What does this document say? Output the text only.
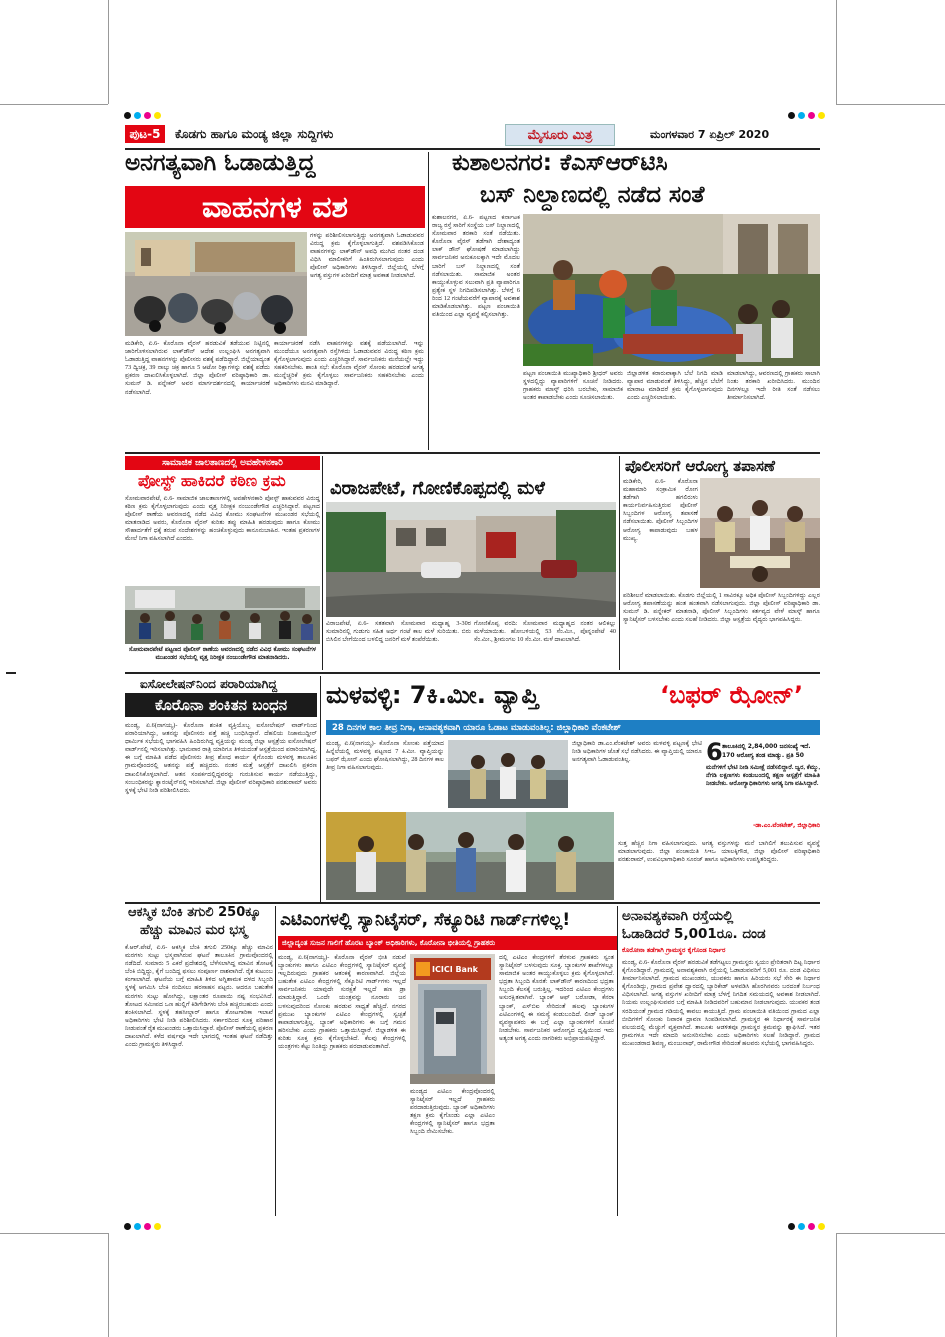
ಪುಟ-5	ಕೊಡಗು ಹಾಗೂ ಮಂಡ್ಯ ಜಿಲ್ಲಾ ಸುದ್ದಿಗಳು	ಮೈಸೂರು ಮಿತ್ರ	ಮಂಗಳವಾರ 7 ಏಪ್ರಿಲ್ 2020
ಅನಗತ್ಯವಾಗಿ ಓಡಾಡುತ್ತಿದ್ದ
ವಾಹನಗಳ ವಶ
ಗಳನ್ನು ಪರಿಶೀಲಿಸಲಾಗುತ್ತಿದ್ದು ಅನಗತ್ಯವಾಗಿ ಓಡಾಡುವವರ ವಿರುದ್ಧ ಕ್ರಮ ಕೈಗೊಳ್ಳಲಾಗುತ್ತಿದೆ. ವಶಪಡಿಸಿಕೊಂಡ ವಾಹನಗಳನ್ನು ಲಾಕ್‌ಡೌನ್ ಅವಧಿ ಮುಗಿದ ನಂತರ ದಂಡ ವಿಧಿಸಿ ಮಾಲೀಕರಿಗೆ ಹಿಂತಿರುಗಿಸಲಾಗುವುದು ಎಂದು ಪೊಲೀಸ್ ಅಧಿಕಾರಿಗಳು ತಿಳಿಸಿದ್ದಾರೆ. ಜಿಲ್ಲೆಯಲ್ಲಿ ಬೆಳಗ್ಗೆ ಅಗತ್ಯ ವಸ್ತುಗಳ ಖರೀದಿಗೆ ಮಾತ್ರ ಅವಕಾಶ ನೀಡಲಾಗಿದೆ.
ಮಡಿಕೇರಿ, ಏ.6- ಕೊರೊನಾ ವೈರಸ್ ಹರಡುವಿಕೆ ತಡೆಯುವ ನಿಟ್ಟಿನಲ್ಲಿ ಜಾರಿಗೊಳಿಸಲಾಗಿರುವ ಲಾಕ್‌ಡೌನ್ ಆದೇಶ ಉಲ್ಲಂಘಿಸಿ ಅನಗತ್ಯವಾಗಿ ಓಡಾಡುತ್ತಿದ್ದ ವಾಹನಗಳನ್ನು ಪೊಲೀಸರು ವಶಕ್ಕೆ ಪಡೆದಿದ್ದಾರೆ. ಜಿಲ್ಲೆಯಾದ್ಯಂತ 73 ದ್ವಿಚಕ್ರ, 39 ನಾಲ್ಕು ಚಕ್ರ ಹಾಗೂ 5 ಆಟೋ ರಿಕ್ಷಾಗಳನ್ನು ವಶಕ್ಕೆ ಪಡೆದು ಪ್ರಕರಣ ದಾಖಲಿಸಿಕೊಳ್ಳಲಾಗಿದೆ. ಜಿಲ್ಲಾ ಪೊಲೀಸ್ ವರಿಷ್ಠಾಧಿಕಾರಿ ಡಾ. ಸುಮನ್ ಡಿ. ಪನ್ನೇಕರ್ ಅವರ ಮಾರ್ಗದರ್ಶನದಲ್ಲಿ ಕಾರ್ಯಾಚರಣೆ ನಡೆಸಲಾಗಿದೆ.
ಕಾರ್ಯಾಚರಣೆ ನಡೆಸಿ ವಾಹನಗಳನ್ನು ವಶಕ್ಕೆ ಪಡೆಯಲಾಗಿದೆ. ಇನ್ನು ಮುಂದೆಯೂ ಅನಗತ್ಯವಾಗಿ ರಸ್ತೆಗಿಳಿದು ಓಡಾಡುವವರ ವಿರುದ್ಧ ಕಠಿಣ ಕ್ರಮ ಕೈಗೊಳ್ಳಲಾಗುವುದು ಎಂದು ಎಚ್ಚರಿಸಿದ್ದಾರೆ. ಸಾರ್ವಜನಿಕರು ಮನೆಯಲ್ಲೇ ಇದ್ದು ಸಹಕರಿಸಬೇಕು. ಶಾಂತಿ ಸಭೆ: ಕೊರೊನಾ ವೈರಸ್ ಸೋಂಕು ಹರಡದಂತೆ ಅಗತ್ಯ ಮುನ್ನೆಚ್ಚರಿಕೆ ಕ್ರಮ ಕೈಗೊಳ್ಳಲು ಸಾರ್ವಜನಿಕರು ಸಹಕರಿಸಬೇಕು ಎಂದು ಅಧಿಕಾರಿಗಳು ಮನವಿ ಮಾಡಿದ್ದಾರೆ.
ಕುಶಾಲನಗರ: ಕೆಎಸ್‌ಆರ್‌ಟಿಸಿ
ಬಸ್ ನಿಲ್ದಾಣದಲ್ಲಿ ನಡೆದ ಸಂತೆ
ಕುಶಾಲನಗರ, ಏ.6- ಪಟ್ಟಣದ ಕರ್ನಾಟಕ ರಾಜ್ಯ ರಸ್ತೆ ಸಾರಿಗೆ ಸಂಸ್ಥೆಯ ಬಸ್ ನಿಲ್ದಾಣದಲ್ಲಿ ಸೋಮವಾರ ತರಕಾರಿ ಸಂತೆ ನಡೆಯಿತು. ಕೊರೊನಾ ವೈರಸ್ ತಡೆಗಾಗಿ ದೇಶಾದ್ಯಂತ ಲಾಕ್ ಡೌನ್ ಘೋಷಣೆ ಮಾಡಲಾಗಿದ್ದು ಸಾರ್ವಜನಿಕರ ಅನುಕೂಲಕ್ಕಾಗಿ ಇದೇ ಮೊದಲ ಬಾರಿಗೆ ಬಸ್ ನಿಲ್ದಾಣದಲ್ಲಿ ಸಂತೆ ನಡೆಸಲಾಯಿತು. ಸಾಮಾಜಿಕ ಅಂತರ ಕಾಯ್ದುಕೊಳ್ಳುವ ಸಲುವಾಗಿ ಪ್ರತಿ ವ್ಯಾಪಾರಿಗೂ ಪ್ರತ್ಯೇಕ ಸ್ಥಳ ನಿಗದಿಪಡಿಸಲಾಗಿತ್ತು. ಬೆಳಗ್ಗೆ 6 ರಿಂದ 12 ಗಂಟೆಯವರೆಗೆ ವ್ಯಾಪಾರಕ್ಕೆ ಅವಕಾಶ ಮಾಡಿಕೊಡಲಾಗಿತ್ತು. ಪಟ್ಟಣ ಪಂಚಾಯಿತಿ ವತಿಯಿಂದ ಎಲ್ಲಾ ವ್ಯವಸ್ಥೆ ಕಲ್ಪಿಸಲಾಗಿತ್ತು.
ಪಟ್ಟಣ ಪಂಚಾಯಿತಿ ಮುಖ್ಯಾಧಿಕಾರಿ ಶ್ರೀಧರ್ ಅವರು ಸ್ಥಳದಲ್ಲಿದ್ದು ವ್ಯಾಪಾರಿಗಳಿಗೆ ಸೂಚನೆ ನೀಡಿದರು. ಗ್ರಾಹಕರು ಮಾಸ್ಕ್ ಧರಿಸಿ ಬರಬೇಕು, ಸಾಮಾಜಿಕ ಅಂತರ ಕಾಪಾಡಬೇಕು ಎಂದು ಸೂಚಿಸಲಾಯಿತು.
ಜಿಲ್ಲಾಡಳಿತ ಕರಾರುವಾಕ್ಕಾಗಿ ಬೆಲೆ ನಿಗದಿ ಮಾಡಿ ವ್ಯಾಪಾರ ಮಾಡುವಂತೆ ತಿಳಿಸಿದ್ದು, ಹೆಚ್ಚಿನ ಬೆಲೆಗೆ ಮಾರಾಟ ಮಾಡಿದರೆ ಕ್ರಮ ಕೈಗೊಳ್ಳಲಾಗುವುದು ಎಂದು ಎಚ್ಚರಿಸಲಾಯಿತು.
ಮಾಡಲಾಗಿದ್ದು, ಆವರಣದಲ್ಲಿ ಗ್ರಾಹಕರು ಸಾಲಾಗಿ ನಿಂತು ತರಕಾರಿ ಖರೀದಿಸಿದರು. ಮುಂದಿನ ದಿನಗಳಲ್ಲೂ ಇದೇ ರೀತಿ ಸಂತೆ ನಡೆಸಲು ತೀರ್ಮಾನಿಸಲಾಗಿದೆ.
ಸಾಮಾಜಿಕ ಜಾಲತಾಣದಲ್ಲಿ ಅವಹೇಳನಕಾರಿ
ಪೋಸ್ಟ್ ಹಾಕಿದರೆ ಕಠಿಣ ಕ್ರಮ
ಸೋಮವಾರಪೇಟೆ, ಏ.6- ಸಾಮಾಜಿಕ ಜಾಲತಾಣಗಳಲ್ಲಿ ಅವಹೇಳನಕಾರಿ ಪೋಸ್ಟ್ ಹಾಕುವವರ ವಿರುದ್ಧ ಕಠಿಣ ಕ್ರಮ ಕೈಗೊಳ್ಳಲಾಗುವುದು ಎಂದು ವೃತ್ತ ನಿರೀಕ್ಷಕ ನಂಜುಂಡೇಗೌಡ ಎಚ್ಚರಿಸಿದ್ದಾರೆ. ಪಟ್ಟಣದ ಪೊಲೀಸ್ ಠಾಣೆಯ ಆವರಣದಲ್ಲಿ ನಡೆದ ವಿವಿಧ ಕೋಮು ಸಂಘಟನೆಗಳ ಮುಖಂಡರ ಸಭೆಯಲ್ಲಿ ಮಾತನಾಡಿದ ಅವರು, ಕೊರೊನಾ ವೈರಸ್ ಕುರಿತು ತಪ್ಪು ಮಾಹಿತಿ ಹರಡುವುದು ಹಾಗೂ ಕೋಮು ಸೌಹಾರ್ದತೆಗೆ ಧಕ್ಕೆ ತರುವ ಸಂದೇಶಗಳನ್ನು ಹಂಚಿಕೊಳ್ಳುವುದು ಕಾನೂನುಬಾಹಿರ. ಇಂತಹ ಪ್ರಕರಣಗಳ ಮೇಲೆ ನಿಗಾ ವಹಿಸಲಾಗಿದೆ ಎಂದರು.
ಸೋಮವಾರಪೇಟೆ ಪಟ್ಟಣದ ಪೊಲೀಸ್ ಠಾಣೆಯ ಆವರಣದಲ್ಲಿ ನಡೆದ ವಿವಿಧ ಕೋಮು ಸಂಘಟನೆಗಳ ಮುಖಂಡರ ಸಭೆಯಲ್ಲಿ ವೃತ್ತ ನಿರೀಕ್ಷಕ ನಂಜುಂಡೇಗೌಡ ಮಾತನಾಡಿದರು.
ವಿರಾಜಪೇಟೆ, ಗೋಣಿಕೊಪ್ಪದಲ್ಲಿ ಮಳೆ
ವಿರಾಜಪೇಟೆ, ಏ.6- ಸತತವಾಗಿ ಸೋಮವಾರ ಮಧ್ಯಾಹ್ನ 3-30ರ ಸುಮಾರಿನಲ್ಲಿ ಗುಡುಗು ಸಹಿತ ಅರ್ಧ ಗಂಟೆ ಕಾಲ ಮಳೆ ಸುರಿಯಿತು. ಬಿರು ಬಿಸಿಲಿನ ಬೇಗೆಯಿಂದ ಬಳಲಿದ್ದ ಜನರಿಗೆ ಮಳೆ ತಂಪೆರೆಯಿತು.
ಗೋಣಿಕೊಪ್ಪ ವರದಿ: ಸೋಮವಾರ ಮಧ್ಯಾಹ್ನದ ನಂತರ ಆಲಿಕಲ್ಲು ಮಳೆಯಾಯಿತು. ಹೋಬಳಿಯಲ್ಲಿ 53 ಸೆಂ.ಮೀ., ಪೊನ್ನಂಪೇಟೆ 40 ಸೆಂ.ಮೀ., ಶ್ರೀಮಂಗಲ 10 ಸೆಂ.ಮೀ. ಮಳೆ ದಾಖಲಾಗಿದೆ.
ಪೊಲೀಸರಿಗೆ ಆರೋಗ್ಯ ತಪಾಸಣೆ
ಮಡಿಕೇರಿ, ಏ.6- ಕೊರೊನಾ ಮಹಾಮಾರಿ ಸಂಕ್ರಾಮಿಕ ರೋಗ ತಡೆಗಾಗಿ ಹಗಲಿರುಳು ಕಾರ್ಯನಿರ್ವಹಿಸುತ್ತಿರುವ ಪೊಲೀಸ್ ಸಿಬ್ಬಂದಿಗಳ ಆರೋಗ್ಯ ತಪಾಸಣೆ ನಡೆಸಲಾಯಿತು. ಪೊಲೀಸ್ ಸಿಬ್ಬಂದಿಗಳ ಆರೋಗ್ಯ ಕಾಪಾಡುವುದು ಬಹಳ ಮುಖ್ಯ.
ಪರಿಶೀಲನೆ ಮಾಡಲಾಯಿತು. ಕೊಡಗು ಜಿಲ್ಲೆಯಲ್ಲಿ 1 ಸಾವಿರಕ್ಕೂ ಅಧಿಕ ಪೊಲೀಸ್ ಸಿಬ್ಬಂದಿಗಳಿದ್ದು ಎಲ್ಲರ ಆರೋಗ್ಯ ತಪಾಸಣೆಯನ್ನು ಹಂತ ಹಂತವಾಗಿ ನಡೆಸಲಾಗುವುದು. ಜಿಲ್ಲಾ ಪೊಲೀಸ್ ವರಿಷ್ಠಾಧಿಕಾರಿ ಡಾ. ಸುಮನ್ ಡಿ. ಪನ್ನೇಕರ್ ಮಾತನಾಡಿ, ಪೊಲೀಸ್ ಸಿಬ್ಬಂದಿಗಳು ಕರ್ತವ್ಯದ ವೇಳೆ ಮಾಸ್ಕ್ ಹಾಗೂ ಸ್ಯಾನಿಟೈಸರ್ ಬಳಸಬೇಕು ಎಂದು ಸಲಹೆ ನೀಡಿದರು. ಜಿಲ್ಲಾ ಆಸ್ಪತ್ರೆಯ ವೈದ್ಯರು ಭಾಗವಹಿಸಿದ್ದರು.
ಐಸೋಲೇಷನ್‌ನಿಂದ ಪರಾರಿಯಾಗಿದ್ದ
ಕೊರೊನಾ ಶಂಕಿತನ ಬಂಧನ
ಮಂಡ್ಯ, ಏ.6(ನಾಗಯ್ಯ)- ಕೊರೊನಾ ಶಂಕಿತ ವ್ಯಕ್ತಿಯೊಬ್ಬ ಐಸೋಲೇಷನ್ ವಾರ್ಡ್‌ನಿಂದ ಪರಾರಿಯಾಗಿದ್ದು, ಆತನನ್ನು ಪೊಲೀಸರು ಪತ್ತೆ ಹಚ್ಚಿ ಬಂಧಿಸಿದ್ದಾರೆ. ದೆಹಲಿಯ ನಿಜಾಮುದ್ದೀನ್ ಧಾರ್ಮಿಕ ಸಭೆಯಲ್ಲಿ ಭಾಗವಹಿಸಿ ಹಿಂದಿರುಗಿದ್ದ ವ್ಯಕ್ತಿಯನ್ನು ಮಂಡ್ಯ ಜಿಲ್ಲಾ ಆಸ್ಪತ್ರೆಯ ಐಸೋಲೇಷನ್ ವಾರ್ಡ್‌ನಲ್ಲಿ ಇರಿಸಲಾಗಿತ್ತು. ಭಾನುವಾರ ರಾತ್ರಿ ಯಾರಿಗೂ ತಿಳಿಯದಂತೆ ಆಸ್ಪತ್ರೆಯಿಂದ ಪರಾರಿಯಾಗಿದ್ದ. ಈ ಬಗ್ಗೆ ಮಾಹಿತಿ ಪಡೆದ ಪೊಲೀಸರು ತೀವ್ರ ಶೋಧ ಕಾರ್ಯ ಕೈಗೊಂಡು ಮಳವಳ್ಳಿ ತಾಲೂಕಿನ ಗ್ರಾಮವೊಂದರಲ್ಲಿ ಆತನನ್ನು ಪತ್ತೆ ಹಚ್ಚಿದರು. ನಂತರ ಮತ್ತೆ ಆಸ್ಪತ್ರೆಗೆ ದಾಖಲಿಸಿ ಪ್ರಕರಣ ದಾಖಲಿಸಿಕೊಳ್ಳಲಾಗಿದೆ. ಆತನ ಸಂಪರ್ಕದಲ್ಲಿದ್ದವರನ್ನು ಗುರುತಿಸುವ ಕಾರ್ಯ ನಡೆಯುತ್ತಿದ್ದು, ಸಂಬಂಧಿಕರನ್ನು ಕ್ವಾರಂಟೈನ್‌ನಲ್ಲಿ ಇರಿಸಲಾಗಿದೆ. ಜಿಲ್ಲಾ ಪೊಲೀಸ್ ವರಿಷ್ಠಾಧಿಕಾರಿ ಪರಶುರಾಮ್ ಅವರು ಸ್ಥಳಕ್ಕೆ ಭೇಟಿ ನೀಡಿ ಪರಿಶೀಲಿಸಿದರು.
ಮಳವಳ್ಳಿ: 7ಕಿ.ಮೀ. ವ್ಯಾಪ್ತಿ	‘ಬಫರ್ ಝೋನ್’
28 ದಿನಗಳ ಕಾಲ ತೀವ್ರ ನಿಗಾ, ಅನಾವಶ್ಯಕವಾಗಿ ಯಾರೂ ಓಡಾಟ ಮಾಡುವಂತಿಲ್ಲ: ಜಿಲ್ಲಾಧಿಕಾರಿ ವೆಂಕಟೇಶ್
ಮಂಡ್ಯ, ಏ.6(ನಾಗಯ್ಯ)- ಕೊರೊನಾ ಸೋಂಕು ಪತ್ತೆಯಾದ ಹಿನ್ನೆಲೆಯಲ್ಲಿ ಮಳವಳ್ಳಿ ಪಟ್ಟಣದ 7 ಕಿ.ಮೀ. ವ್ಯಾಪ್ತಿಯನ್ನು ಬಫರ್ ಝೋನ್ ಎಂದು ಘೋಷಿಸಲಾಗಿದ್ದು, 28 ದಿನಗಳ ಕಾಲ ತೀವ್ರ ನಿಗಾ ವಹಿಸಲಾಗುವುದು.
ಜಿಲ್ಲಾಧಿಕಾರಿ ಡಾ.ಎಂ.ವೆಂಕಟೇಶ್ ಅವರು ಮಳವಳ್ಳಿ ಪಟ್ಟಣಕ್ಕೆ ಭೇಟಿ ನೀಡಿ ಅಧಿಕಾರಿಗಳ ಜೊತೆ ಸಭೆ ನಡೆಸಿದರು. ಈ ವ್ಯಾಪ್ತಿಯಲ್ಲಿ ಯಾರೂ ಅನಗತ್ಯವಾಗಿ ಓಡಾಡುವಂತಿಲ್ಲ.	6 ತಾಲೂಕಿನಲ್ಲಿ 2,84,000 ಜನಸಂಖ್ಯೆ ಇದೆ.
170 ಆರೋಗ್ಯ ತಂಡ ಮಾಡ್ಯು. ಪ್ರತಿ 50
ಮನೆಗಳಿಗೆ ಭೇಟಿ ನೀಡಿ ಸಮೀಕ್ಷೆ ನಡೆಸಲಿದ್ದಾರೆ. ಜ್ವರ, ಕೆಮ್ಮು, ನೆಗಡಿ ಲಕ್ಷಣಗಳು ಕಂಡುಬಂದಲ್ಲಿ ತಕ್ಷಣ ಆಸ್ಪತ್ರೆಗೆ ಮಾಹಿತಿ ನೀಡಬೇಕು. ಆರೋಗ್ಯಾಧಿಕಾರಿಗಳು ಅಗತ್ಯ ನಿಗಾ ವಹಿಸಿದ್ದಾರೆ.
-ಡಾ.ಎಂ.ವೆಂಕಟೇಶ್, ಜಿಲ್ಲಾಧಿಕಾರಿ
ಸುತ್ತ ಹೆಚ್ಚಿನ ನಿಗಾ ವಹಿಸಲಾಗುವುದು. ಅಗತ್ಯ ವಸ್ತುಗಳನ್ನು ಮನೆ ಬಾಗಿಲಿಗೆ ತಲುಪಿಸುವ ವ್ಯವಸ್ಥೆ ಮಾಡಲಾಗುವುದು. ಜಿಲ್ಲಾ ಪಂಚಾಯಿತಿ ಸಿಇಒ ಯಾಲಕ್ಕಿಗೌಡ, ಜಿಲ್ಲಾ ಪೊಲೀಸ್ ವರಿಷ್ಠಾಧಿಕಾರಿ ಪರಶುರಾಮ್, ಉಪವಿಭಾಗಾಧಿಕಾರಿ ಸೂರಜ್ ಹಾಗೂ ಅಧಿಕಾರಿಗಳು ಉಪಸ್ಥಿತರಿದ್ದರು.
ಆಕಸ್ಮಿಕ ಬೆಂಕಿ ತಗುಲಿ 250ಕ್ಕೂ
ಹೆಚ್ಚು ಮಾವಿನ ಮರ ಭಸ್ಮ
ಕೆ.ಆರ್.ಪೇಟೆ, ಏ.6- ಆಕಸ್ಮಿಕ ಬೆಂಕಿ ತಗುಲಿ 250ಕ್ಕೂ ಹೆಚ್ಚು ಮಾವಿನ ಮರಗಳು ಸುಟ್ಟು ಭಸ್ಮವಾಗಿರುವ ಘಟನೆ ತಾಲೂಕಿನ ಗ್ರಾಮವೊಂದರಲ್ಲಿ ನಡೆದಿದೆ. ಸುಮಾರು 5 ಎಕರೆ ಪ್ರದೇಶದಲ್ಲಿ ಬೆಳೆಸಲಾಗಿದ್ದ ಮಾವಿನ ತೋಟಕ್ಕೆ ಬೆಂಕಿ ಬಿದ್ದಿದ್ದು, ಕೈಗೆ ಬಂದಿದ್ದ ಫಸಲು ಸಂಪೂರ್ಣ ನಾಶವಾಗಿದೆ. ರೈತ ಕುಟುಂಬ ಕಂಗಾಲಾಗಿದೆ. ಘಟನೆಯ ಬಗ್ಗೆ ಮಾಹಿತಿ ತಿಳಿದ ಅಗ್ನಿಶಾಮಕ ದಳದ ಸಿಬ್ಬಂದಿ ಸ್ಥಳಕ್ಕೆ ಆಗಮಿಸಿ ಬೆಂಕಿ ನಂದಿಸಲು ಹರಸಾಹಸ ಪಟ್ಟರು. ಆದರೂ ಬಹುತೇಕ ಮರಗಳು ಸುಟ್ಟು ಹೋಗಿದ್ದು, ಲಕ್ಷಾಂತರ ರೂಪಾಯಿ ನಷ್ಟ ಸಂಭವಿಸಿದೆ. ತೋಟದ ಸಮೀಪದ ಒಣ ಹುಲ್ಲಿಗೆ ಕಿಡಿಗೇಡಿಗಳು ಬೆಂಕಿ ಹಚ್ಚಿರಬಹುದು ಎಂದು ಶಂಕಿಸಲಾಗಿದೆ. ಸ್ಥಳಕ್ಕೆ ತಹಸೀಲ್ದಾರ್ ಹಾಗೂ ತೋಟಗಾರಿಕಾ ಇಲಾಖೆ ಅಧಿಕಾರಿಗಳು ಭೇಟಿ ನೀಡಿ ಪರಿಶೀಲಿಸಿದರು. ಸರ್ಕಾರದಿಂದ ಸೂಕ್ತ ಪರಿಹಾರ ನೀಡುವಂತೆ ರೈತ ಮುಖಂಡರು ಒತ್ತಾಯಿಸಿದ್ದಾರೆ. ಪೊಲೀಸ್ ಠಾಣೆಯಲ್ಲಿ ಪ್ರಕರಣ ದಾಖಲಾಗಿದೆ. ಕಳೆದ ವರ್ಷವೂ ಇದೇ ಭಾಗದಲ್ಲಿ ಇಂತಹ ಘಟನೆ ನಡೆದಿತ್ತು ಎಂದು ಗ್ರಾಮಸ್ಥರು ತಿಳಿಸಿದ್ದಾರೆ.
ಎಟಿಎಂಗಳಲ್ಲಿ ಸ್ಯಾನಿಟೈಸರ್, ಸೆಕ್ಯೂರಿಟಿ ಗಾರ್ಡ್‌ಗಳಿಲ್ಲ!
ಜಿಲ್ಲಾದ್ಯಂತ ಸುಜನ ಗಾಲಿಗೆ ಹೊರಟ ಬ್ಯಾಂಕ್ ಅಧಿಕಾರಿಗಳು, ಕೊರೋನಾ ಭೀತಿಯಲ್ಲಿ ಗ್ರಾಹಕರು
ಮಂಡ್ಯ, ಏ.6(ನಾಗಯ್ಯ)- ಕೊರೊನಾ ವೈರಸ್ ಭೀತಿ ನಡುವೆ ಬ್ಯಾಂಕುಗಳು ಹಾಗೂ ಎಟಿಎಂ ಕೇಂದ್ರಗಳಲ್ಲಿ ಸ್ಯಾನಿಟೈಸರ್ ವ್ಯವಸ್ಥೆ ಇಲ್ಲದಿರುವುದು ಗ್ರಾಹಕರ ಆತಂಕಕ್ಕೆ ಕಾರಣವಾಗಿದೆ. ಜಿಲ್ಲೆಯ ಬಹುತೇಕ ಎಟಿಎಂ ಕೇಂದ್ರಗಳಲ್ಲಿ ಸೆಕ್ಯೂರಿಟಿ ಗಾರ್ಡ್‌ಗಳು ಇಲ್ಲದೆ ಸಾರ್ವಜನಿಕರು ಯಾವುದೇ ಸುರಕ್ಷತೆ ಇಲ್ಲದೆ ಹಣ ಡ್ರಾ ಮಾಡುತ್ತಿದ್ದಾರೆ. ಒಂದೇ ಯಂತ್ರವನ್ನು ನೂರಾರು ಜನ ಬಳಸುವುದರಿಂದ ಸೋಂಕು ಹರಡುವ ಸಾಧ್ಯತೆ ಹೆಚ್ಚಿದೆ. ನಗರದ ಪ್ರಮುಖ ಬ್ಯಾಂಕುಗಳ ಎಟಿಎಂ ಕೇಂದ್ರಗಳಲ್ಲಿ ಸ್ವಚ್ಛತೆ ಕಾಪಾಡಲಾಗುತ್ತಿಲ್ಲ. ಬ್ಯಾಂಕ್ ಅಧಿಕಾರಿಗಳು ಈ ಬಗ್ಗೆ ಗಮನ ಹರಿಸಬೇಕು ಎಂದು ಗ್ರಾಹಕರು ಒತ್ತಾಯಿಸಿದ್ದಾರೆ. ಜಿಲ್ಲಾಡಳಿತ ಈ ಕುರಿತು ಸೂಕ್ತ ಕ್ರಮ ಕೈಗೊಳ್ಳಬೇಕಿದೆ. ಕೆಲವು ಕೇಂದ್ರಗಳಲ್ಲಿ ಯಂತ್ರಗಳು ಕೆಟ್ಟು ನಿಂತಿದ್ದು ಗ್ರಾಹಕರು ಪರದಾಡುವಂತಾಗಿದೆ.
ICICI Bank
ಮಂಡ್ಯದ ಎಟಿಎಂ ಕೇಂದ್ರವೊಂದರಲ್ಲಿ ಸ್ಯಾನಿಟೈಸರ್ ಇಲ್ಲದೆ ಗ್ರಾಹಕರು ಪರದಾಡುತ್ತಿರುವುದು. ಬ್ಯಾಂಕ್ ಅಧಿಕಾರಿಗಳು ತಕ್ಷಣ ಕ್ರಮ ಕೈಗೊಂಡು ಎಲ್ಲಾ ಎಟಿಎಂ ಕೇಂದ್ರಗಳಲ್ಲಿ ಸ್ಯಾನಿಟೈಸರ್ ಹಾಗೂ ಭದ್ರತಾ ಸಿಬ್ಬಂದಿ ನೇಮಿಸಬೇಕು.
ದಲ್ಲಿ ಎಟಿಎಂ ಕೇಂದ್ರಗಳಿಗೆ ತೆರಳುವ ಗ್ರಾಹಕರು ಸ್ವಂತ ಸ್ಯಾನಿಟೈಸರ್ ಬಳಸುವುದು ಸೂಕ್ತ. ಬ್ಯಾಂಕುಗಳ ಶಾಖೆಗಳಲ್ಲೂ ಸಾಮಾಜಿಕ ಅಂತರ ಕಾಯ್ದುಕೊಳ್ಳಲು ಕ್ರಮ ಕೈಗೊಳ್ಳಲಾಗಿದೆ. ಭದ್ರತಾ ಸಿಬ್ಬಂದಿ ಕೊರತೆ: ಲಾಕ್‌ಡೌನ್ ಕಾರಣದಿಂದ ಭದ್ರತಾ ಸಿಬ್ಬಂದಿ ಕೆಲಸಕ್ಕೆ ಬರುತ್ತಿಲ್ಲ. ಇದರಿಂದ ಎಟಿಎಂ ಕೇಂದ್ರಗಳು ಅಸುರಕ್ಷಿತವಾಗಿವೆ. ಬ್ಯಾಂಕ್ ಆಫ್ ಬರೋಡಾ, ಕೆನರಾ ಬ್ಯಾಂಕ್, ಎಸ್‌ಬಿಐ ಸೇರಿದಂತೆ ಹಲವು ಬ್ಯಾಂಕುಗಳ ಎಟಿಎಂಗಳಲ್ಲಿ ಈ ಸಮಸ್ಯೆ ಕಂಡುಬಂದಿದೆ. ಲೀಡ್ ಬ್ಯಾಂಕ್ ವ್ಯವಸ್ಥಾಪಕರು ಈ ಬಗ್ಗೆ ಎಲ್ಲಾ ಬ್ಯಾಂಕುಗಳಿಗೆ ಸೂಚನೆ ನೀಡಬೇಕು. ಸಾರ್ವಜನಿಕರ ಆರೋಗ್ಯದ ದೃಷ್ಟಿಯಿಂದ ಇದು ಅತ್ಯಂತ ಅಗತ್ಯ ಎಂದು ನಾಗರಿಕರು ಅಭಿಪ್ರಾಯಪಟ್ಟಿದ್ದಾರೆ.
ಅನಾವಶ್ಯಕವಾಗಿ ರಸ್ತೆಯಲ್ಲಿ
ಓಡಾಡಿದರೆ 5,001ರೂ. ದಂಡ
ಕೊರೋನಾ ತಡೆಗಾಗಿ ಗ್ರಾಮಸ್ಥರ ಕೈಗೊಂಡ ನಿರ್ಧಾರ
ಮಂಡ್ಯ, ಏ.6- ಕೊರೊನಾ ವೈರಸ್ ಹರಡುವಿಕೆ ತಡೆಗಟ್ಟಲು ಗ್ರಾಮಸ್ಥರು ಸ್ವಯಂ ಪ್ರೇರಿತರಾಗಿ ದಿಟ್ಟ ನಿರ್ಧಾರ ಕೈಗೊಂಡಿದ್ದಾರೆ. ಗ್ರಾಮದಲ್ಲಿ ಅನಾವಶ್ಯಕವಾಗಿ ರಸ್ತೆಯಲ್ಲಿ ಓಡಾಡುವವರಿಗೆ 5,001 ರೂ. ದಂಡ ವಿಧಿಸಲು ತೀರ್ಮಾನಿಸಲಾಗಿದೆ. ಗ್ರಾಮದ ಮುಖಂಡರು, ಯುವಕರು ಹಾಗೂ ಹಿರಿಯರು ಸಭೆ ಸೇರಿ ಈ ನಿರ್ಧಾರ ಕೈಗೊಂಡಿದ್ದು, ಗ್ರಾಮದ ಪ್ರವೇಶ ದ್ವಾರದಲ್ಲಿ ಬ್ಯಾರಿಕೇಡ್ ಅಳವಡಿಸಿ ಹೊರಗಿನವರು ಬರದಂತೆ ನಿರ್ಬಂಧ ವಿಧಿಸಲಾಗಿದೆ. ಅಗತ್ಯ ವಸ್ತುಗಳ ಖರೀದಿಗೆ ಮಾತ್ರ ಬೆಳಗ್ಗೆ ನಿಗದಿತ ಸಮಯದಲ್ಲಿ ಅವಕಾಶ ನೀಡಲಾಗಿದೆ. ನಿಯಮ ಉಲ್ಲಂಘಿಸುವವರ ಬಗ್ಗೆ ಮಾಹಿತಿ ನೀಡಿದವರಿಗೆ ಬಹುಮಾನ ನೀಡಲಾಗುವುದು. ಯುವಕರ ತಂಡ ಸರದಿಯಂತೆ ಗ್ರಾಮದ ಗಡಿಯಲ್ಲಿ ಕಾವಲು ಕಾಯುತ್ತಿದೆ. ಗ್ರಾಮ ಪಂಚಾಯಿತಿ ವತಿಯಿಂದ ಗ್ರಾಮದ ಎಲ್ಲಾ ಬೀದಿಗಳಿಗೆ ಸೋಂಕು ನಿವಾರಕ ದ್ರಾವಣ ಸಿಂಪಡಿಸಲಾಗಿದೆ. ಗ್ರಾಮಸ್ಥರ ಈ ನಿರ್ಧಾರಕ್ಕೆ ಸಾರ್ವಜನಿಕ ವಲಯದಲ್ಲಿ ಮೆಚ್ಚುಗೆ ವ್ಯಕ್ತವಾಗಿದೆ. ತಾಲೂಕು ಆಡಳಿತವೂ ಗ್ರಾಮಸ್ಥರ ಕ್ರಮವನ್ನು ಶ್ಲಾಘಿಸಿದೆ. ಇತರ ಗ್ರಾಮಗಳೂ ಇದೇ ಮಾದರಿ ಅನುಸರಿಸಬೇಕು ಎಂದು ಅಧಿಕಾರಿಗಳು ಸಲಹೆ ನೀಡಿದ್ದಾರೆ. ಗ್ರಾಮದ ಮುಖಂಡರಾದ ಶಿವಣ್ಣ, ಮಂಜುನಾಥ್, ರಾಮೇಗೌಡ ಸೇರಿದಂತೆ ಹಲವರು ಸಭೆಯಲ್ಲಿ ಭಾಗವಹಿಸಿದ್ದರು.
